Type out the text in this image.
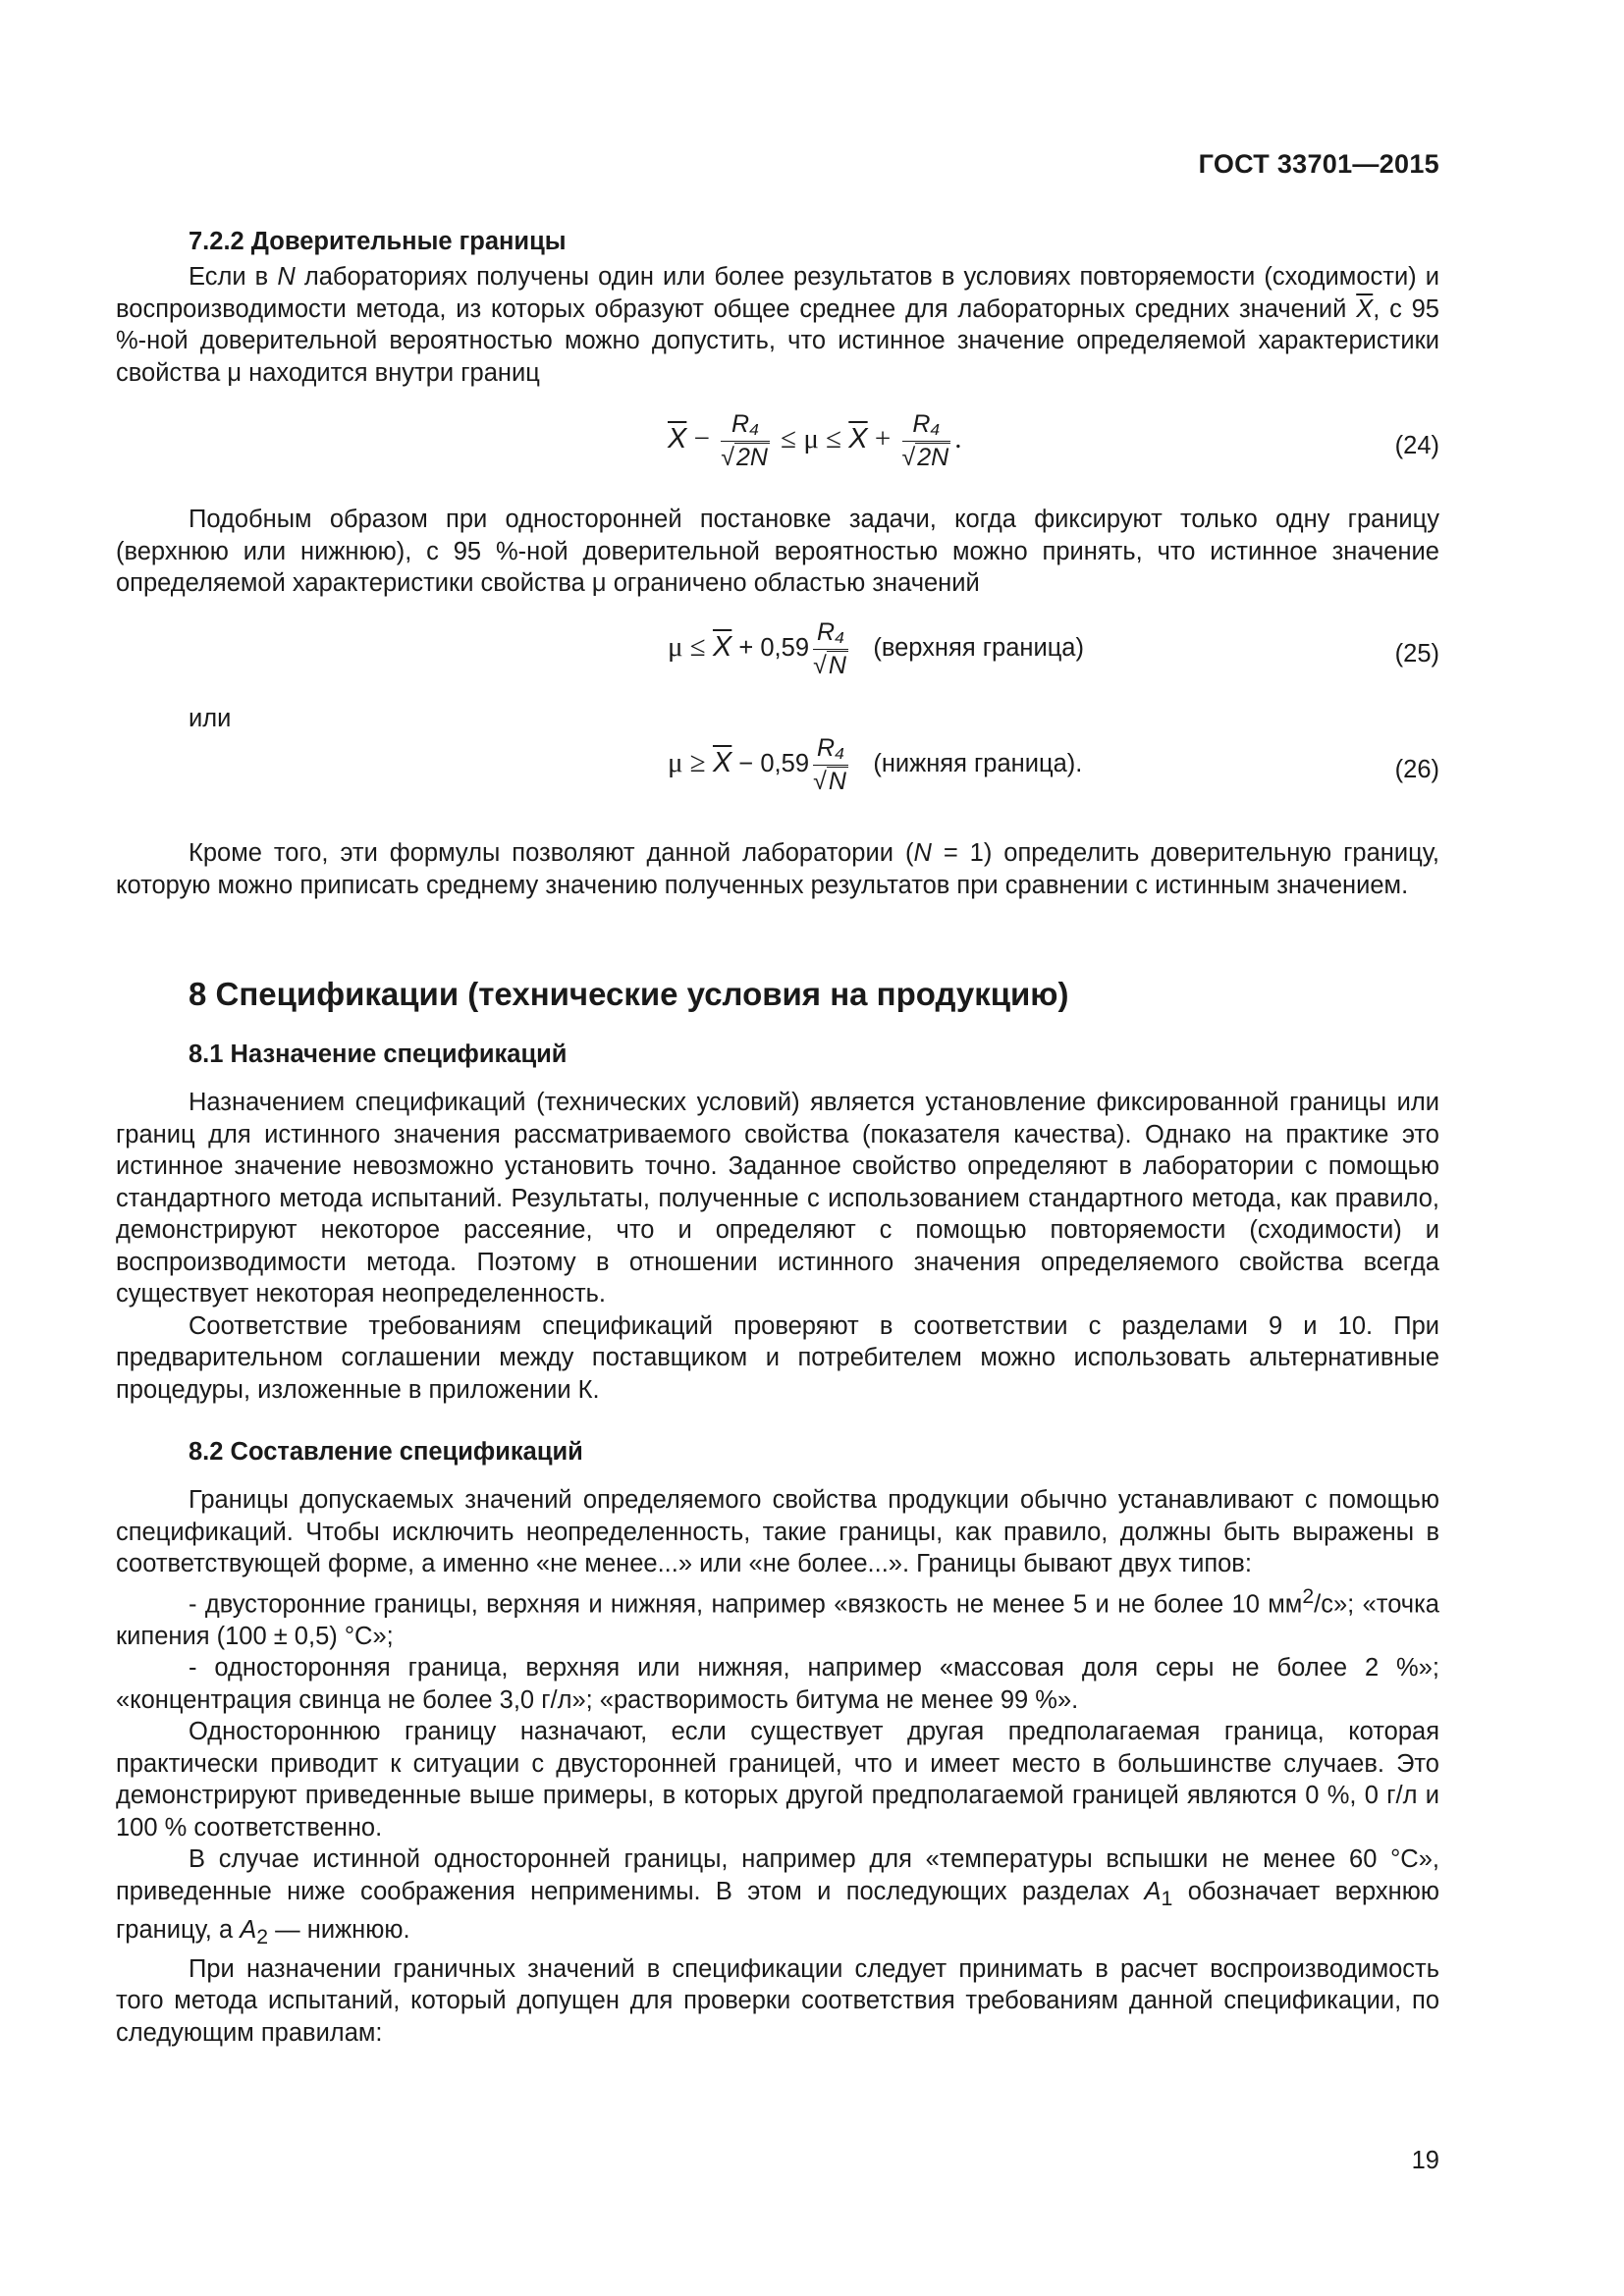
ГОСТ 33701—2015
7.2.2 Доверительные границы

Если в N лабораториях получены один или более результатов в условиях повторяемости (сходимости) и воспроизводимости метода, из которых образуют общее среднее для лабораторных средних значений $\overline{X}$, с 95 %-ной доверительной вероятностью можно допустить, что истинное значение определяемой характеристики свойства μ находится внутри границ

$\overline{X} - \frac{\text{R₄}}{√2N} \le \mu \le \overline{X} + \frac{\text{R₄}}{√2N}$ .	(24)

Подобным образом при односторонней постановке задачи, когда фиксируют только одну границу (верхнюю или нижнюю), с 95 %-ной доверительной вероятностью можно принять, что истинное значение определяемой характеристики свойства μ ограничено областью значений

$\mu \le \overline{X} + 0,59 \frac{\text{R₄}}{√N}$ (верхняя граница)	(25)
или
$\mu \ge \overline{X} - 0,59 \frac{\text{R₄}}{√N}$ (нижняя граница).	(26)

Кроме того, эти формулы позволяют данной лаборатории (N = 1) определить доверительную границу, которую можно приписать среднему значению полученных результатов при сравнении с истинным значением.

8 Спецификации (технические условия на продукцию)
8.1 Назначение спецификаций

Назначением спецификаций (технических условий) является установление фиксированной границы или границ для истинного значения рассматриваемого свойства (показателя качества). Однако на практике это истинное значение невозможно установить точно. Заданное свойство определяют в лаборатории с помощью стандартного метода испытаний. Результаты, полученные с использованием стандартного метода, как правило, демонстрируют некоторое рассеяние, что и определяют с помощью повторяемости (сходимости) и воспроизводимости метода. Поэтому в отношении истинного значения определяемого свойства всегда существует некоторая неопределенность.

Соответствие требованиям спецификаций проверяют в соответствии с разделами 9 и 10. При предварительном соглашении между поставщиком и потребителем можно использовать альтернативные процедуры, изложенные в приложении К.

8.2 Составление спецификаций

Границы допускаемых значений определяемого свойства продукции обычно устанавливают с помощью спецификаций. Чтобы исключить неопределенность, такие границы, как правило, должны быть выражены в соответствующей форме, а именно «не менее...» или «не более...». Границы бывают двух типов:

- двусторонние границы, верхняя и нижняя, например «вязкость не менее 5 и не более 10 $мм^2/с$»; «точка кипения (100 ± 0,5) °С»;

- односторонняя граница, верхняя или нижняя, например «массовая доля серы не более 2 %»; «концентрация свинца не более 3,0 г/л»; «растворимость битума не менее 99 %».

Одностороннюю границу назначают, если существует другая предполагаемая граница, которая практически приводит к ситуации с двусторонней границей, что и имеет место в большинстве случаев. Это демонстрируют приведенные выше примеры, в которых другой предполагаемой границей являются 0 %, 0 г/л и 100 % соответственно.

В случае истинной односторонней границы, например для «температуры вспышки не менее 60 °С», приведенные ниже соображения неприменимы. В этом и последующих разделах $A_1$ обозначает верхнюю границу, а $A_2$ — нижнюю.

При назначении граничных значений в спецификации следует принимать в расчет воспроизводимость того метода испытаний, который допущен для проверки соответствия требованиям данной спецификации, по следующим правилам:

19
